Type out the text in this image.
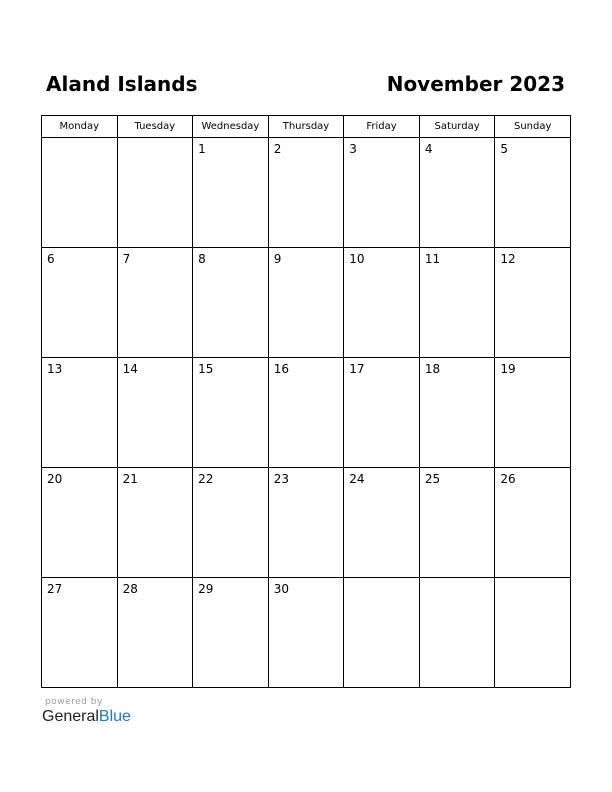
Aland Islands	November 2023
Monday	Tuesday	Wednesday	Thursday	Friday	Saturday	Sunday

		1	2	3	4	5

6	7	8	9	10	11	12

13	14	15	16	17	18	19

20	21	22	23	24	25	26

27	28	29	30			

powered by
GeneralBlue
